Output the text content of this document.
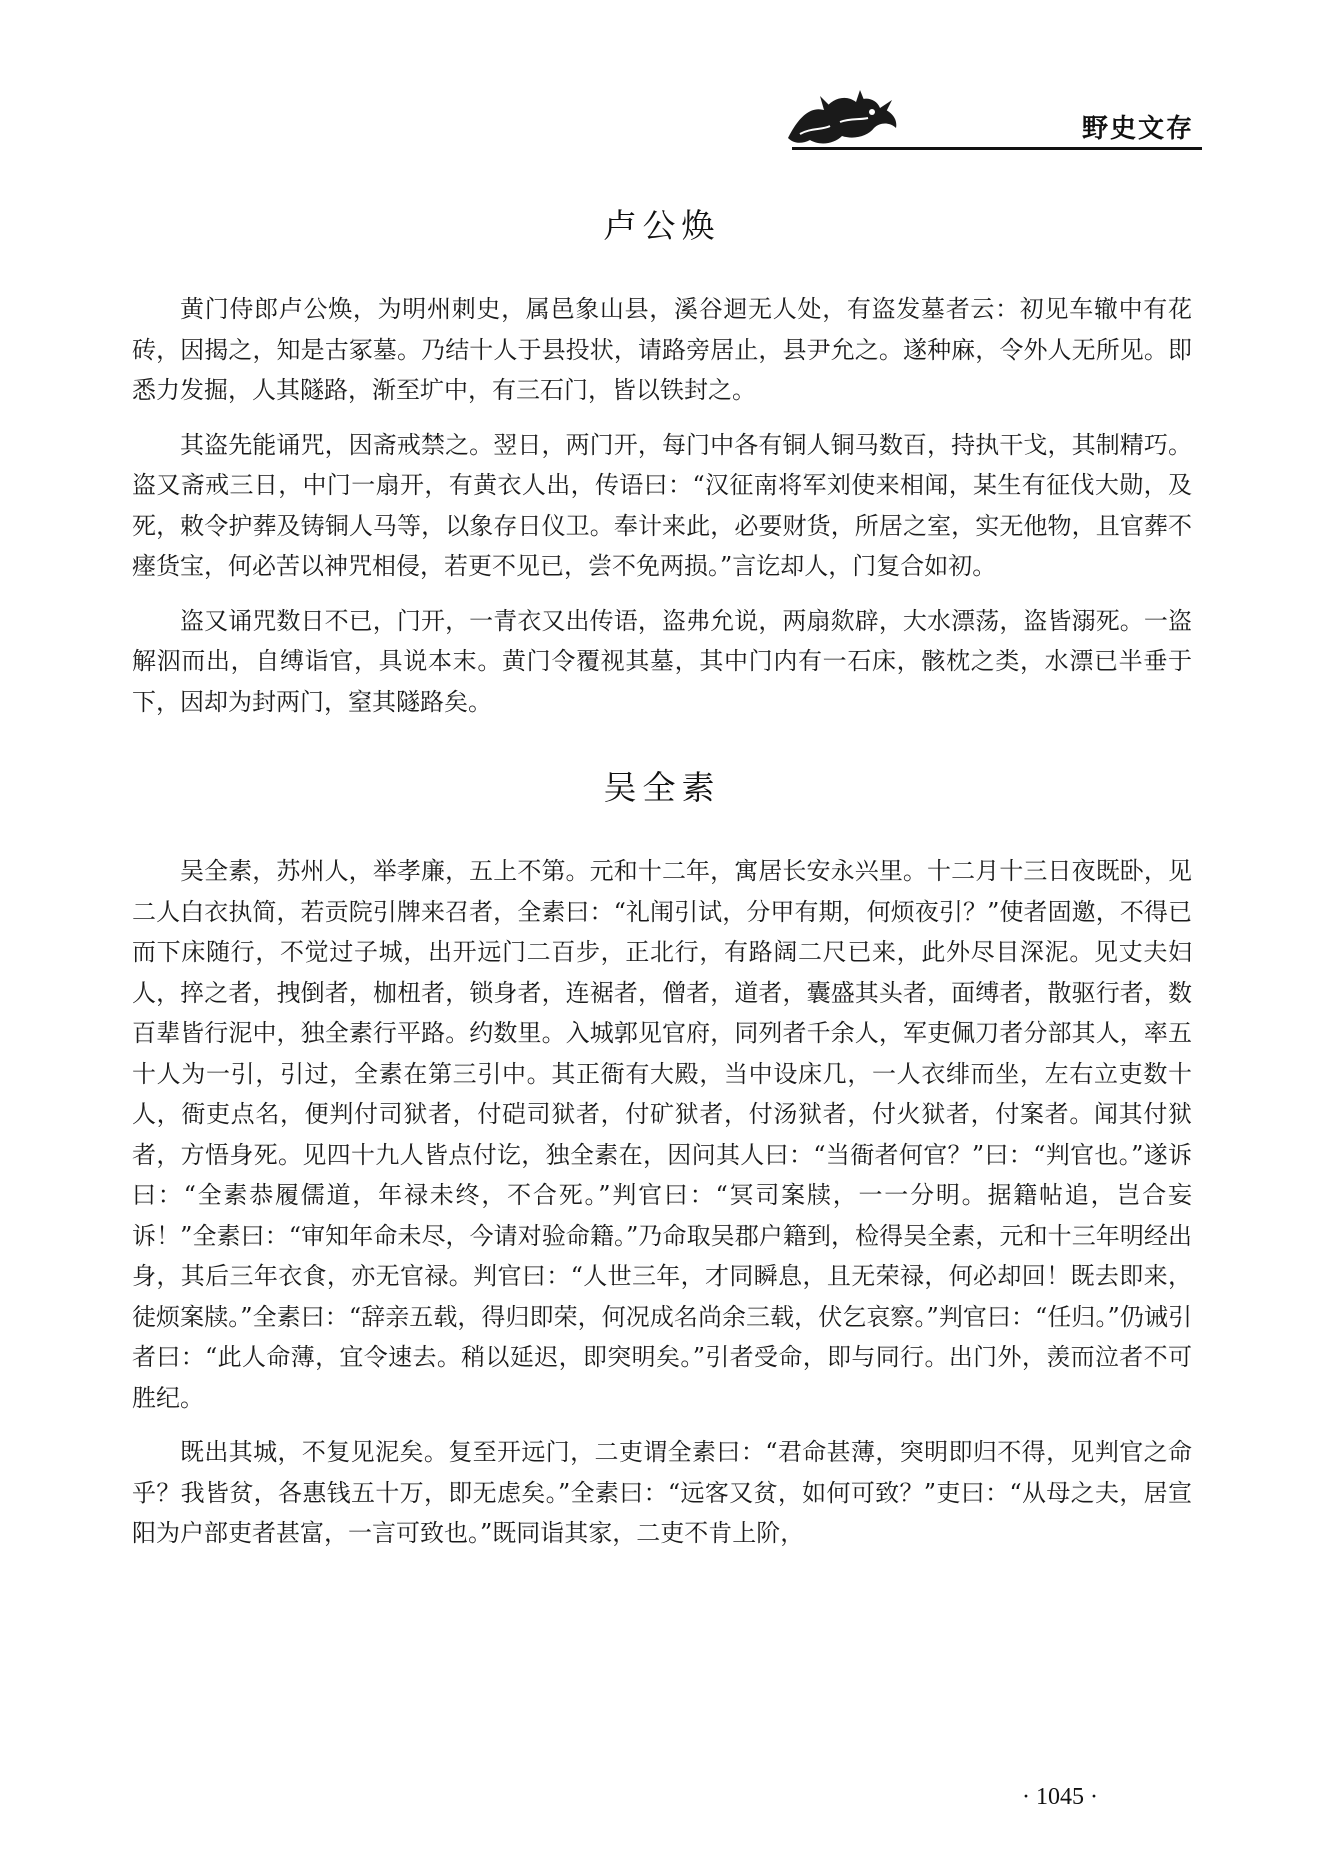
野史文存
卢公焕

黄门侍郎卢公焕，为明州刺史，属邑象山县，溪谷迴无人处，有盗发墓者云：初见车辙中有花砖，因揭之，知是古冢墓。乃结十人于县投状，请路旁居止，县尹允之。遂种麻，令外人无所见。即悉力发掘，人其隧路，渐至圹中，有三石门，皆以铁封之。

其盗先能诵咒，因斋戒禁之。翌日，两门开，每门中各有铜人铜马数百，持执干戈，其制精巧。盗又斋戒三日，中门一扇开，有黄衣人出，传语曰：“汉征南将军刘使来相闻，某生有征伐大勋，及死，敕令护葬及铸铜人马等，以象存日仪卫。奉计来此，必要财货，所居之室，实无他物，且官葬不瘗货宝，何必苦以神咒相侵，若更不见已，尝不免两损。”言讫却人，门复合如初。

盗又诵咒数日不已，门开，一青衣又出传语，盗弗允说，两扇欻辟，大水漂荡，盗皆溺死。一盗解泅而出，自缚诣官，具说本末。黄门令覆视其墓，其中门内有一石床，骸枕之类，水漂已半垂于下，因却为封两门，窒其隧路矣。

吴全素

吴全素，苏州人，举孝廉，五上不第。元和十二年，寓居长安永兴里。十二月十三日夜既卧，见二人白衣执简，若贡院引牌来召者，全素曰：“礼闱引试，分甲有期，何烦夜引？”使者固邀，不得已而下床随行，不觉过子城，出开远门二百步，正北行，有路阔二尺已来，此外尽目深泥。见丈夫妇人，捽之者，拽倒者，枷杻者，锁身者，连裾者，僧者，道者，囊盛其头者，面缚者，散驱行者，数百辈皆行泥中，独全素行平路。约数里。入城郭见官府，同列者千余人，军吏佩刀者分部其人，率五十人为一引，引过，全素在第三引中。其正衙有大殿，当中设床几，一人衣绯而坐，左右立吏数十人，衙吏点名，便判付司狱者，付硙司狱者，付矿狱者，付汤狱者，付火狱者，付案者。闻其付狱者，方悟身死。见四十九人皆点付讫，独全素在，因问其人曰：“当衙者何官？”曰：“判官也。”遂诉曰：“全素恭履儒道，年禄未终，不合死。”判官曰：“冥司案牍，一一分明。据籍帖追，岂合妄诉！”全素曰：“审知年命未尽，今请对验命籍。”乃命取吴郡户籍到，检得吴全素，元和十三年明经出身，其后三年衣食，亦无官禄。判官曰：“人世三年，才同瞬息，且无荣禄，何必却回！既去即来，徒烦案牍。”全素曰：“辞亲五载，得归即荣，何况成名尚余三载，伏乞哀察。”判官曰：“任归。”仍诫引者曰：“此人命薄，宜令速去。稍以延迟，即突明矣。”引者受命，即与同行。出门外，羡而泣者不可胜纪。

既出其城，不复见泥矣。复至开远门，二吏谓全素曰：“君命甚薄，突明即归不得，见判官之命乎？我皆贫，各惠钱五十万，即无虑矣。”全素曰：“远客又贫，如何可致？”吏曰：“从母之夫，居宣阳为户部吏者甚富，一言可致也。”既同诣其家，二吏不肯上阶，

· 1045 ·
